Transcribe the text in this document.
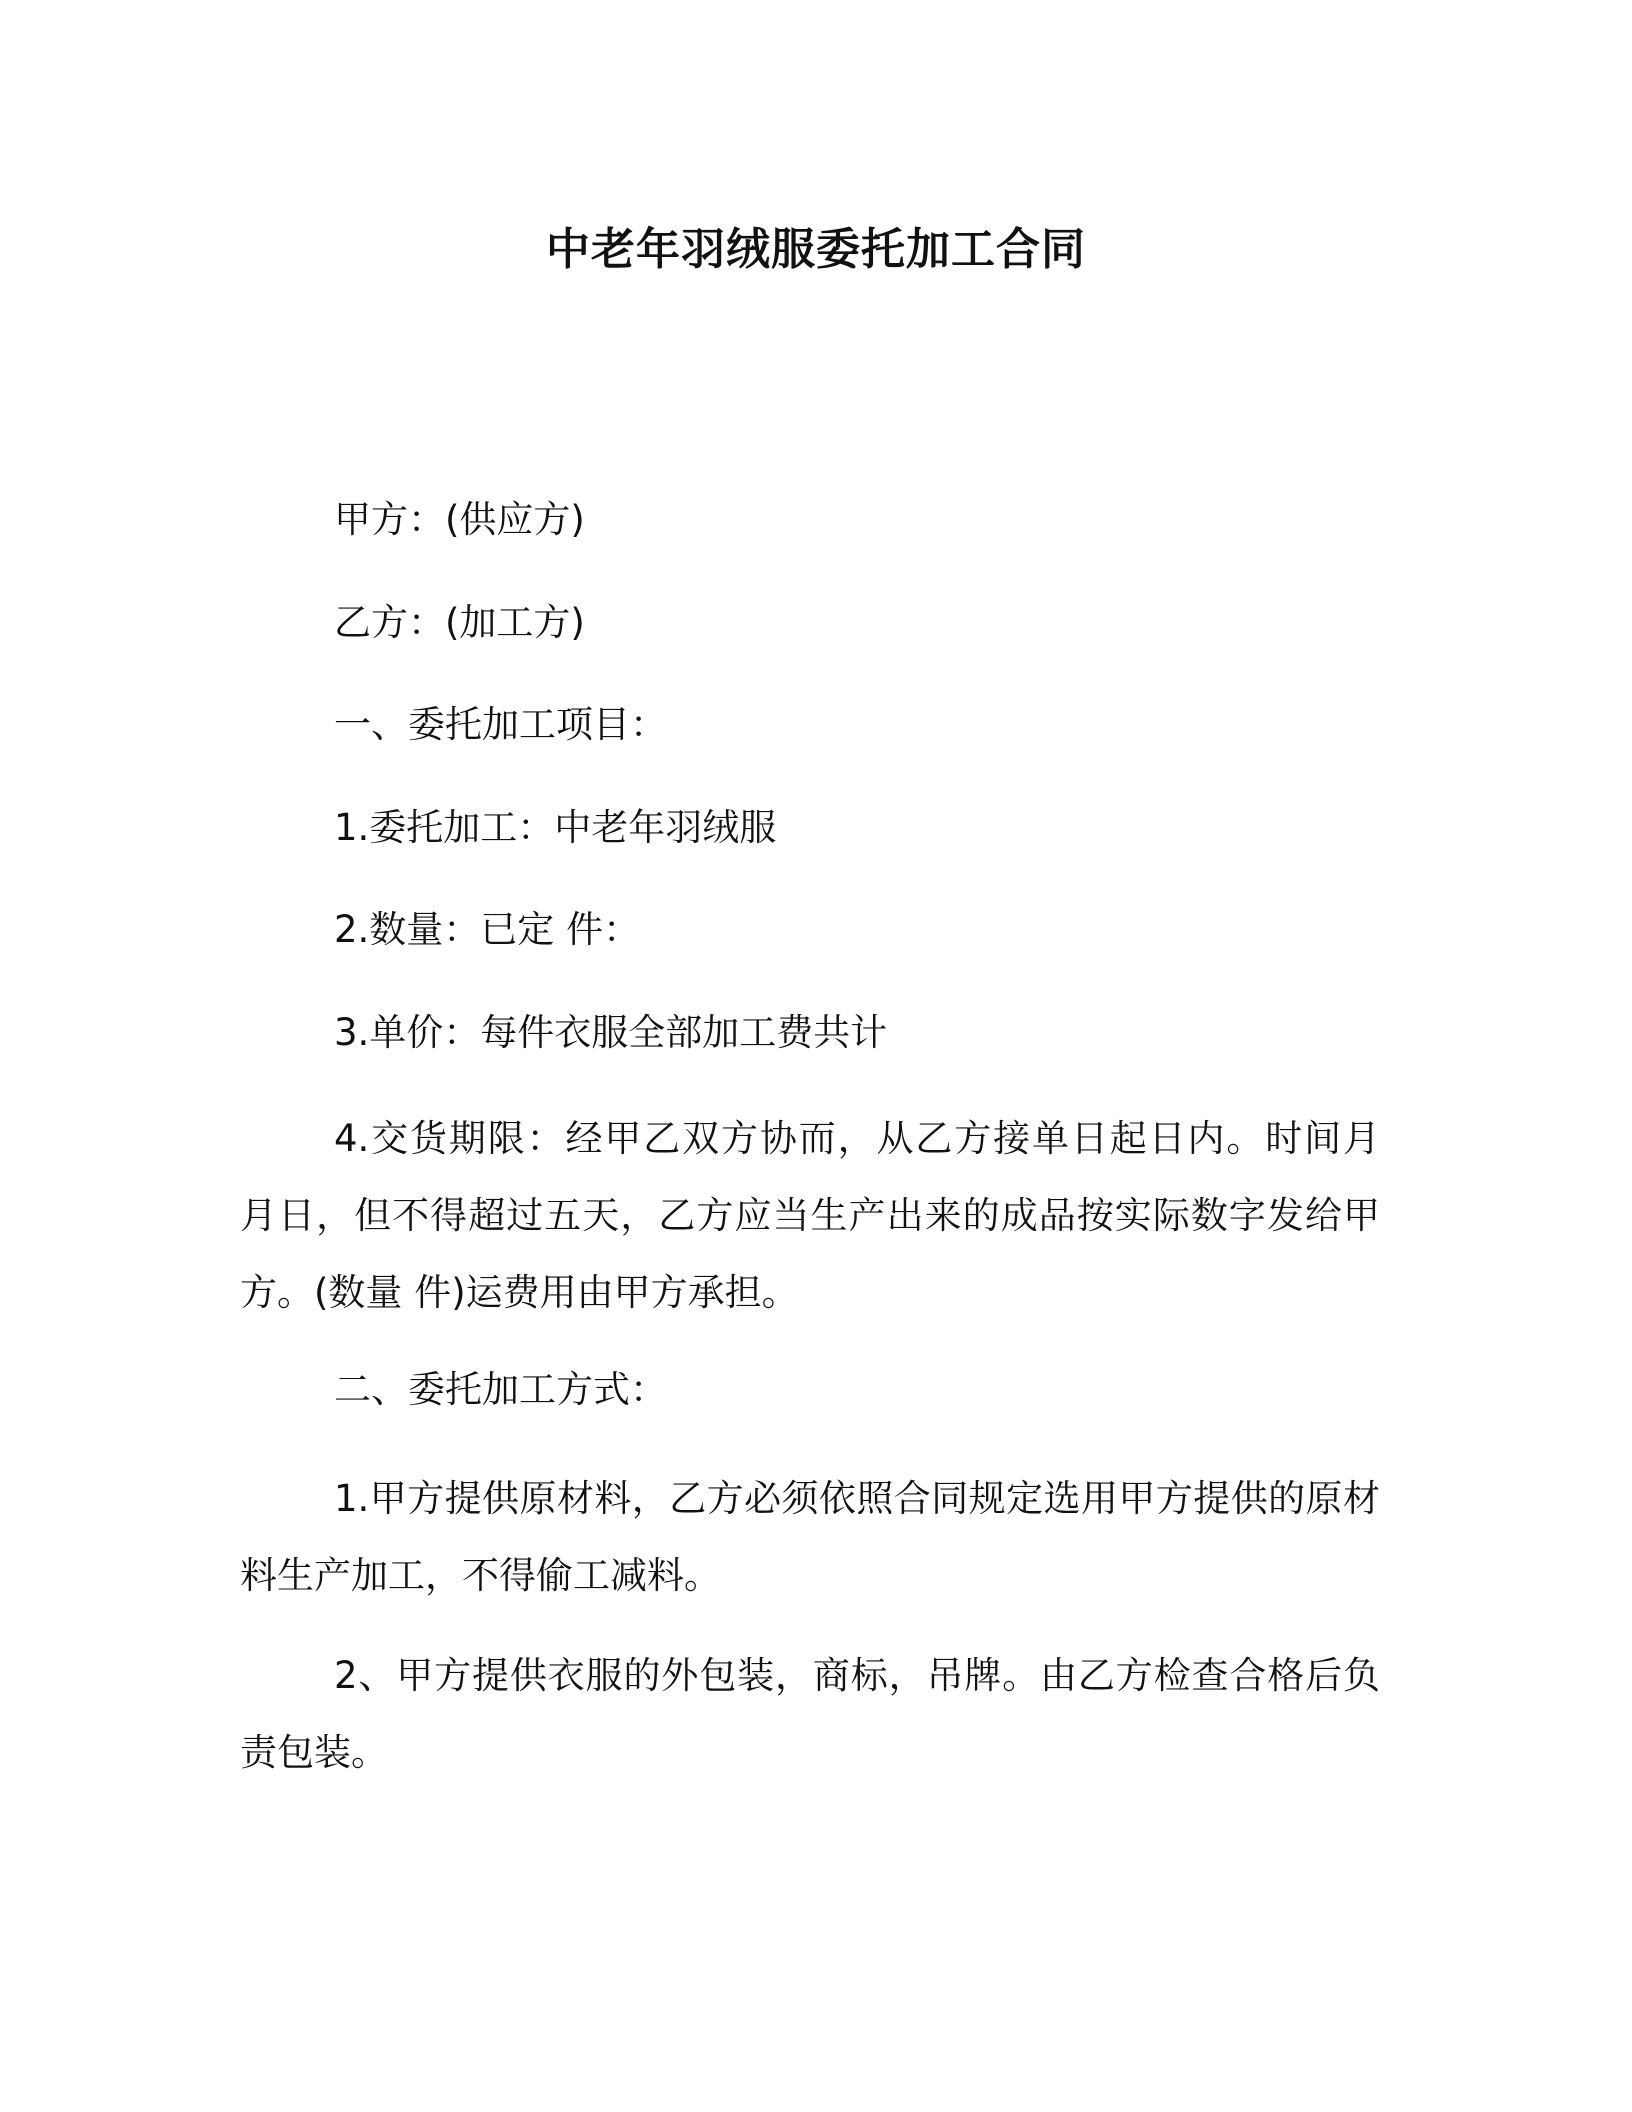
中老年羽绒服委托加工合同
甲方：(供应方)
乙方：(加工方)
一、委托加工项目：
1.委托加工：中老年羽绒服
2.数量：已定 件：
3.单价：每件衣服全部加工费共计
4.交货期限：经甲乙双方协而，从乙方接单日起日内。时间月 月日，但不得超过五天，乙方应当生产出来的成品按实际数字发给甲方。(数量 件)运费用由甲方承担。
二、委托加工方式：
1.甲方提供原材料，乙方必须依照合同规定选用甲方提供的原材料生产加工，不得偷工减料。
2、甲方提供衣服的外包装，商标，吊牌。由乙方检查合格后负责包装。
